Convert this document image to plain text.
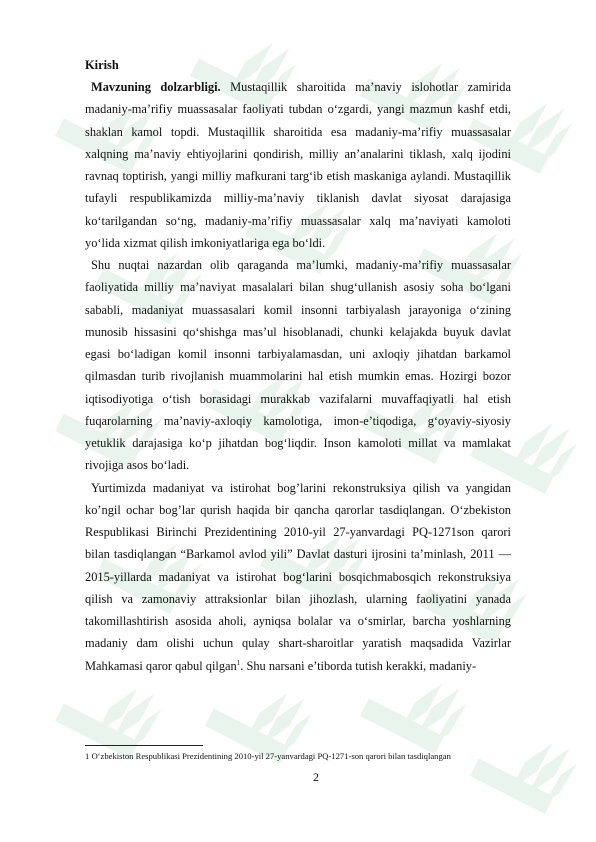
Kirish

Mavzuning dolzarbligi. Mustaqillik sharoitida ma’naviy islohotlar zamirida madaniy-ma’rifiy muassasalar faoliyati tubdan o‘zgardi, yangi mazmun kashf etdi, shaklan kamol topdi. Mustaqillik sharoitida esa madaniy-ma’rifiy muassasalar xalqning ma’naviy ehtiyojlarini qondirish, milliy an’analarini tiklash, xalq ijodini ravnaq toptirish, yangi milliy mafkurani targ‘ib etish maskaniga aylandi. Mustaqillik tufayli respublikamizda milliy-ma’naviy tiklanish davlat siyosat darajasiga ko‘tarilgandan so‘ng, madaniy-ma’rifiy muassasalar xalq ma’naviyati kamoloti yo‘lida xizmat qilish imkoniyatlariga ega bo‘ldi.

Shu nuqtai nazardan olib qaraganda ma’lumki, madaniy-ma’rifiy muassasalar faoliyatida milliy ma’naviyat masalalari bilan shug‘ullanish asosiy soha bo‘lgani sababli, madaniyat muassasalari komil insonni tarbiyalash jarayoniga o‘zining munosib hissasini qo‘shishga mas’ul hisoblanadi, chunki kelajakda buyuk davlat egasi bo‘ladigan komil insonni tarbiyalamasdan, uni axloqiy jihatdan barkamol qilmasdan turib rivojlanish muammolarini hal etish mumkin emas. Hozirgi bozor iqtisodiyotiga o‘tish borasidagi murakkab vazifalarni muvaffaqiyatli hal etish fuqarolarning ma’naviy-axloqiy kamolotiga, imon-e’tiqodiga, g‘oyaviy-siyosiy yetuklik darajasiga ko‘p jihatdan bog‘liqdir. Inson kamoloti millat va mamlakat rivojiga asos bo‘ladi.

Yurtimizda madaniyat va istirohat bog’larini rekonstruksiya qilish va yangidan ko’ngil ochar bog’lar qurish haqida bir qancha qarorlar tasdiqlangan. O‘zbekiston Respublikasi Birinchi Prezidentining 2010-yil 27-yanvardagi PQ-1271son qarori bilan tasdiqlangan “Barkamol avlod yili” Davlat dasturi ijrosini ta’minlash, 2011 — 2015-yillarda madaniyat va istirohat bog‘larini bosqichmabosqich rekonstruksiya qilish va zamonaviy attraksionlar bilan jihozlash, ularning faoliyatini yanada takomillashtirish asosida aholi, ayniqsa bolalar va o‘smirlar, barcha yoshlarning madaniy dam olishi uchun qulay shart-sharoitlar yaratish maqsadida Vazirlar Mahkamasi qaror qabul qilgan$^1$. Shu narsani e’tiborda tutish kerakki, madaniy-

1 O‘zbekiston Respublikasi Prezidentining 2010-yil 27-yanvardagi PQ-1271-son qarori bilan tasdiqlangan
2
